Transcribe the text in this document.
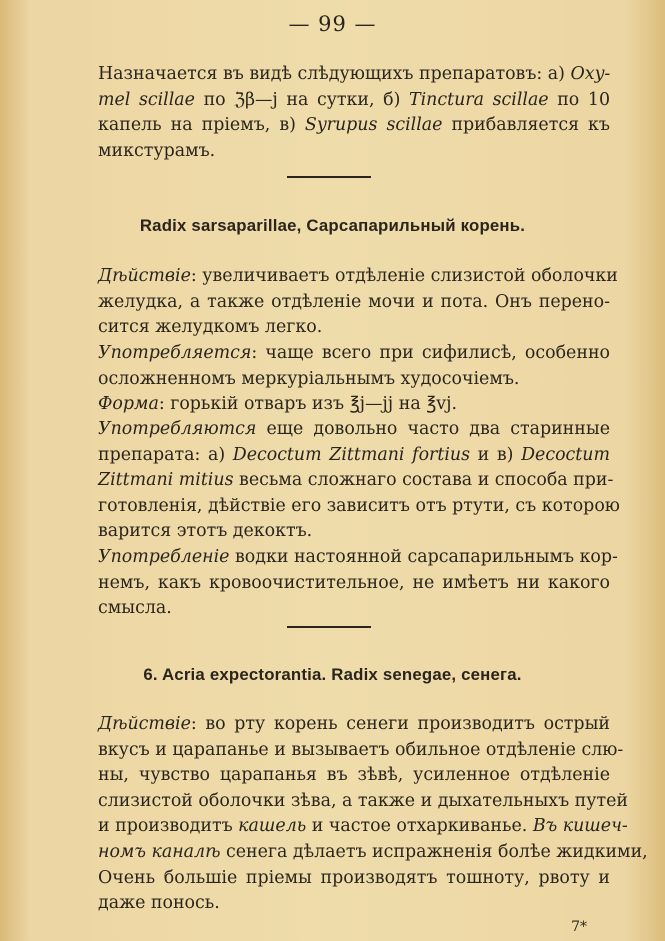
— 99 —

Назначается въ видѣ слѣдующихъ препаратовъ: а) Oxy-
mel scillae по ℨβ—j на сутки, б) Tinctura scillae по 10
капель на пріемъ, в) Syrupus scillae прибавляется къ
микстурамъ.

Radix sarsaparillae, Сарсапарильный корень.

Дѣйствіе: увеличиваетъ отдѣленіе слизистой оболочки
желудка, а также отдѣленіе мочи и пота. Онъ перено-
сится желудкомъ легко.

Употребляется: чаще всего при сифилисѣ, особенно
осложненномъ меркуріальнымъ худосочіемъ.

Форма: горькій отваръ изъ ℥j—jj на ℥vj.

Употребляются еще довольно часто два старинные
препарата: а) Decoctum Zittmani fortius и в) Decoctum
Zittmani mitius весьма сложнаго состава и способа при-
готовленія, дѣйствіе его зависитъ отъ ртути, съ которою
варится этотъ декоктъ.

Употребленіе водки настоянной сарсапарильнымъ кор-
немъ, какъ кровоочистительное, не имѣетъ ни какого
смысла.

6. Acria expectorantia. Radix senegae, сенега.

Дѣйствіе: во рту корень сенеги производитъ острый
вкусъ и царапанье и вызываетъ обильное отдѣленіе слю-
ны, чувство царапанья въ зѣвѣ, усиленное отдѣленіе
слизистой оболочки зѣва, а также и дыхательныхъ путей
и производитъ кашель и частое отхаркиванье. Въ кишеч-
номъ каналѣ сенега дѣлаетъ испражненія болѣе жидкими,
Очень большіе пріемы производятъ тошноту, рвоту и
даже понось.

7*
